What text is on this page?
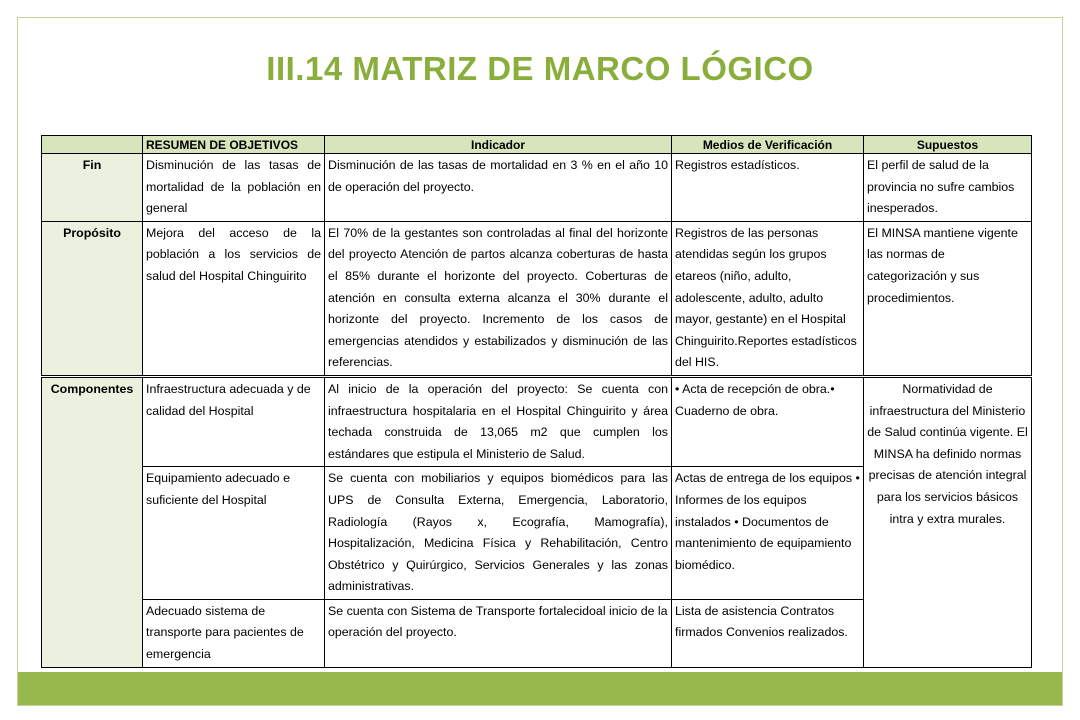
III.14 MATRIZ DE MARCO LÓGICO
	RESUMEN DE OBJETIVOS	Indicador	Medios de Verificación	Supuestos
Fin	Disminución de las tasas de mortalidad de la población en general	Disminución de las tasas de mortalidad en 3 % en el año 10 de operación del proyecto.	Registros estadísticos.	El perfil de salud de la provincia no sufre cambios inesperados.
Propósito	Mejora del acceso de la población a los servicios de salud del Hospital Chinguirito	El 70% de la gestantes son controladas al final del horizonte del proyecto Atención de partos alcanza coberturas de hasta el 85% durante el horizonte del proyecto. Coberturas de atención en consulta externa alcanza el 30% durante el horizonte del proyecto. Incremento de los casos de emergencias atendidos y estabilizados y disminución de las referencias.	Registros de las personas atendidas según los grupos etareos (niño, adulto, adolescente, adulto, adulto mayor, gestante) en el Hospital Chinguirito.Reportes estadísticos del HIS.	El MINSA mantiene vigente las normas de categorización y sus procedimientos.
Componentes	Infraestructura adecuada y de calidad del Hospital	Al inicio de la operación del proyecto: Se cuenta con infraestructura hospitalaria en el Hospital Chinguirito y área techada construida de 13,065 m2 que cumplen los estándares que estipula el Ministerio de Salud.	• Acta de recepción de obra.• Cuaderno de obra.	Normatividad de infraestructura del Ministerio de Salud continúa vigente. El MINSA ha definido normas precisas de atención integral para los servicios básicos intra y extra murales.
	Equipamiento adecuado e suficiente del Hospital	Se cuenta con mobiliarios y equipos biomédicos para las UPS de Consulta Externa, Emergencia, Laboratorio, Radiología (Rayos x, Ecografía, Mamografía), Hospitalización, Medicina Física y Rehabilitación, Centro Obstétrico y Quirúrgico, Servicios Generales y las zonas administrativas.	Actas de entrega de los equipos • Informes de los equipos instalados • Documentos de mantenimiento de equipamiento biomédico.	
	Adecuado sistema de transporte para pacientes de emergencia	Se cuenta con Sistema de Transporte fortalecidoal inicio de la operación del proyecto.	Lista de asistencia Contratos firmados Convenios realizados.	
